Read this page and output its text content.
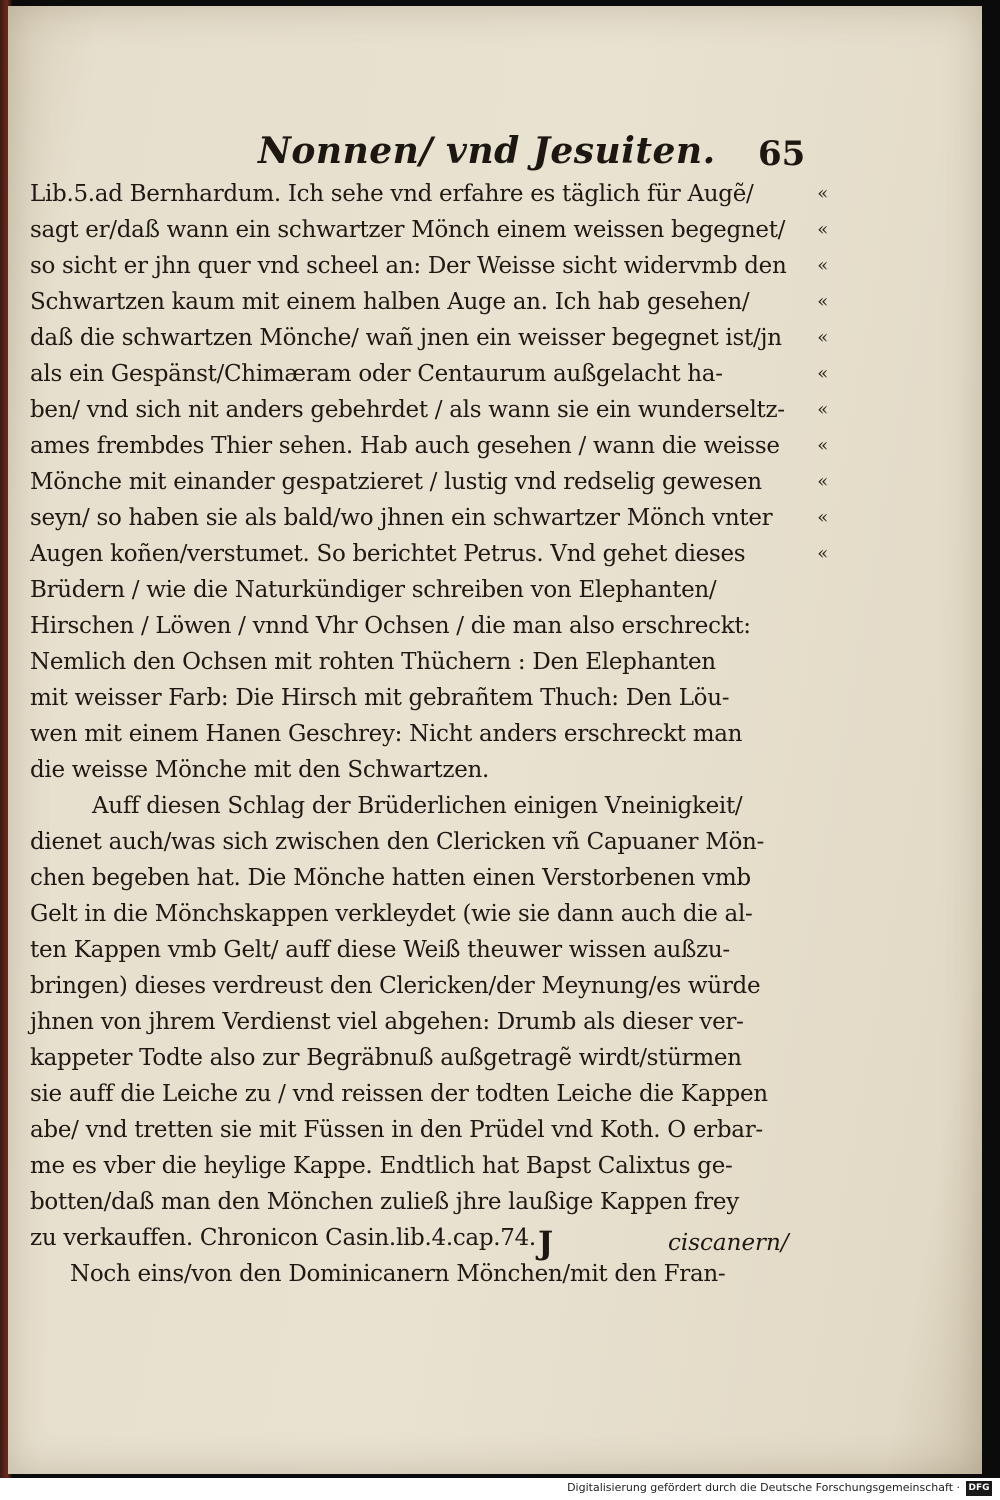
Nonnen/ vnd Jesuiten. 65
Lib.5.ad Bernhardum. Ich sehe vnd erfahre es täglich für Augẽ/	«
sagt er/daß wann ein schwartzer Mönch einem weissen begegnet/ «
so sicht er jhn quer vnd scheel an: Der Weisse sicht widervmb den «
Schwartzen kaum mit einem halben Auge an. Ich hab gesehen/	«
daß die schwartzen Mönche/ wañ jnen ein weisser begegnet ist/jn «
als ein Gespänst/Chimæram oder Centaurum außgelacht ha-	«
ben/ vnd sich nit anders gebehrdet / als wann sie ein wunderseltz- «
ames frembdes Thier sehen. Hab auch gesehen / wann die weisse «
Mönche mit einander gespatzieret / lustig vnd redselig gewesen	«
seyn/ so haben sie als bald/wo jhnen ein schwartzer Mönch vnter «
Augen koñen/verstumet. So berichtet Petrus. Vnd gehet dieses	«
Brüdern / wie die Naturkündiger schreiben von Elephanten/
Hirschen / Löwen / vnnd Vhr Ochsen / die man also erschreckt:
Nemlich den Ochsen mit rohten Thüchern : Den Elephanten
mit weisser Farb: Die Hirsch mit gebrañtem Thuch: Den Löu-
wen mit einem Hanen Geschrey: Nicht anders erschreckt man
die weisse Mönche mit den Schwartzen.
Auff diesen Schlag der Brüderlichen einigen Vneinigkeit/
dienet auch/was sich zwischen den Clericken vñ Capuaner Mön-
chen begeben hat. Die Mönche hatten einen Verstorbenen vmb
Gelt in die Mönchskappen verkleydet (wie sie dann auch die al-
ten Kappen vmb Gelt/ auff diese Weiß theuwer wissen außzu-
bringen) dieses verdreust den Clericken/der Meynung/es würde
jhnen von jhrem Verdienst viel abgehen: Drumb als dieser ver-
kappeter Todte also zur Begräbnuß außgetragẽ wirdt/stürmen
sie auff die Leiche zu / vnd reissen der todten Leiche die Kappen
abe/ vnd tretten sie mit Füssen in den Prüdel vnd Koth. O erbar-
me es vber die heylige Kappe. Endtlich hat Bapst Calixtus ge-
botten/daß man den Mönchen zuließ jhre laußige Kappen frey
zu verkauffen. Chronicon Casin.lib.4.cap.74.
Noch eins/von den Dominicanern Mönchen/mit den Fran-
J	ciscanern/
Digitalisierung gefördert durch die Deutsche Forschungsgemeinschaft · DFG
